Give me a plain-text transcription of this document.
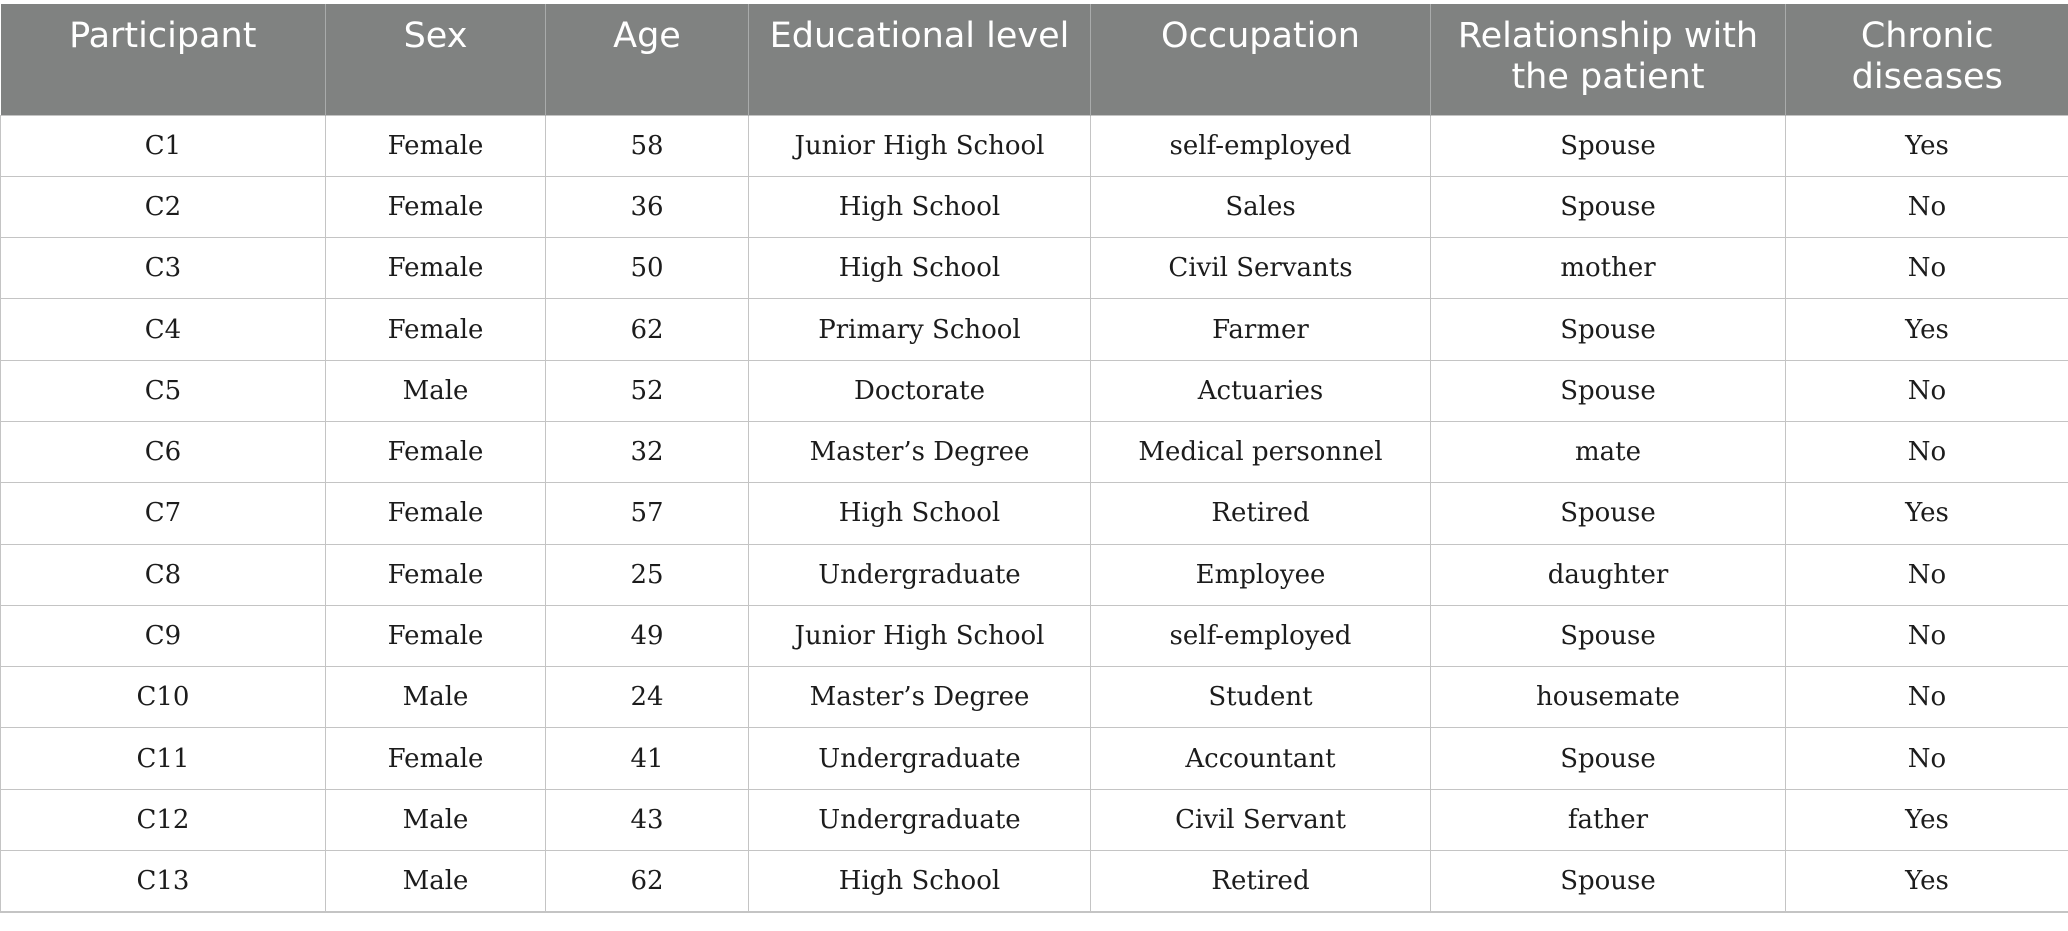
Participant	Sex	Age	Educational level	Occupation	Relationship with the patient	Chronic diseases
C1	Female	58	Junior High School	self-employed	Spouse	Yes
C2	Female	36	High School	Sales	Spouse	No
C3	Female	50	High School	Civil Servants	mother	No
C4	Female	62	Primary School	Farmer	Spouse	Yes
C5	Male	52	Doctorate	Actuaries	Spouse	No
C6	Female	32	Master’s Degree	Medical personnel	mate	No
C7	Female	57	High School	Retired	Spouse	Yes
C8	Female	25	Undergraduate	Employee	daughter	No
C9	Female	49	Junior High School	self-employed	Spouse	No
C10	Male	24	Master’s Degree	Student	housemate	No
C11	Female	41	Undergraduate	Accountant	Spouse	No
C12	Male	43	Undergraduate	Civil Servant	father	Yes
C13	Male	62	High School	Retired	Spouse	Yes
